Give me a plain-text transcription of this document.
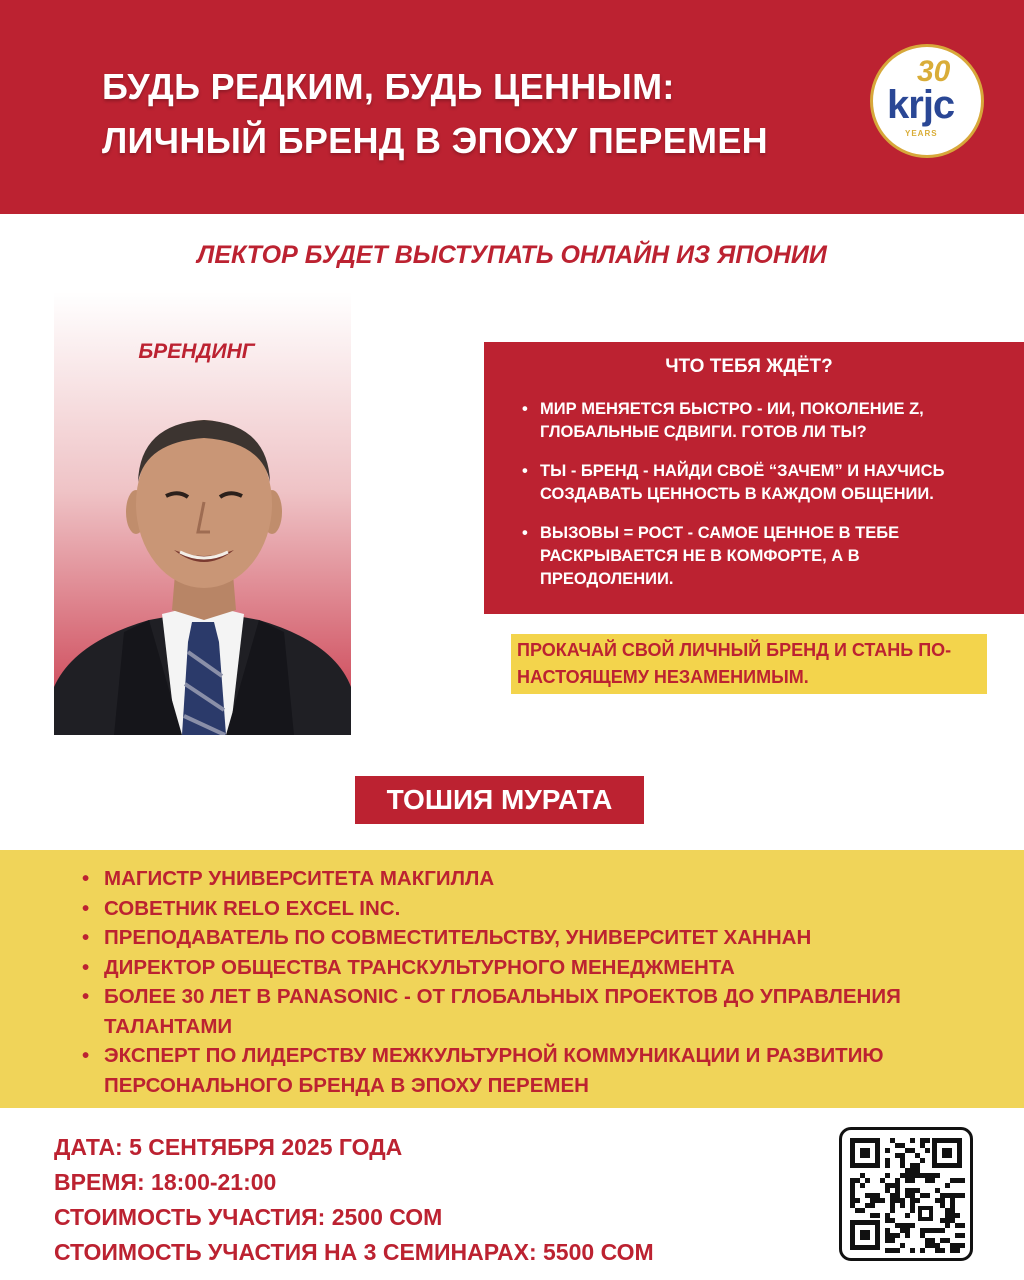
БУДЬ РЕДКИМ, БУДЬ ЦЕННЫМ:
ЛИЧНЫЙ БРЕНД В ЭПОХУ ПЕРЕМЕН
30
krjc
YEARS
ЛЕКТОР БУДЕТ ВЫСТУПАТЬ ОНЛАЙН ИЗ ЯПОНИИ
БРЕНДИНГ
ЧТО ТЕБЯ ЖДЁТ?
• МИР МЕНЯЕТСЯ БЫСТРО - ИИ, ПОКОЛЕНИЕ Z, ГЛОБАЛЬНЫЕ СДВИГИ. ГОТОВ ЛИ ТЫ?
• ТЫ - БРЕНД - НАЙДИ СВОЁ “ЗАЧЕМ” И НАУЧИСЬ СОЗДАВАТЬ ЦЕННОСТЬ В КАЖДОМ ОБЩЕНИИ.
• ВЫЗОВЫ = РОСТ - САМОЕ ЦЕННОЕ В ТЕБЕ РАСКРЫВАЕТСЯ НЕ В КОМФОРТЕ, А В ПРЕОДОЛЕНИИ.
ПРОКАЧАЙ СВОЙ ЛИЧНЫЙ БРЕНД И СТАНЬ ПО-НАСТОЯЩЕМУ НЕЗАМЕНИМЫМ.
ТОШИЯ МУРАТА
• МАГИСТР УНИВЕРСИТЕТА МАКГИЛЛА
• СОВЕТНИК RELO EXCEL INC.
• ПРЕПОДАВАТЕЛЬ ПО СОВМЕСТИТЕЛЬСТВУ, УНИВЕРСИТЕТ ХАННАН
• ДИРЕКТОР ОБЩЕСТВА ТРАНСКУЛЬТУРНОГО МЕНЕДЖМЕНТА
• БОЛЕЕ 30 ЛЕТ В PANASONIC - ОТ ГЛОБАЛЬНЫХ ПРОЕКТОВ ДО УПРАВЛЕНИЯ ТАЛАНТАМИ
• ЭКСПЕРТ ПО ЛИДЕРСТВУ МЕЖКУЛЬТУРНОЙ КОММУНИКАЦИИ И РАЗВИТИЮ ПЕРСОНАЛЬНОГО БРЕНДА В ЭПОХУ ПЕРЕМЕН
ДАТА: 5 СЕНТЯБРЯ 2025 ГОДА
ВРЕМЯ: 18:00-21:00
СТОИМОСТЬ УЧАСТИЯ: 2500 СОМ
СТОИМОСТЬ УЧАСТИЯ НА 3 СЕМИНАРАХ: 5500 СОМ
